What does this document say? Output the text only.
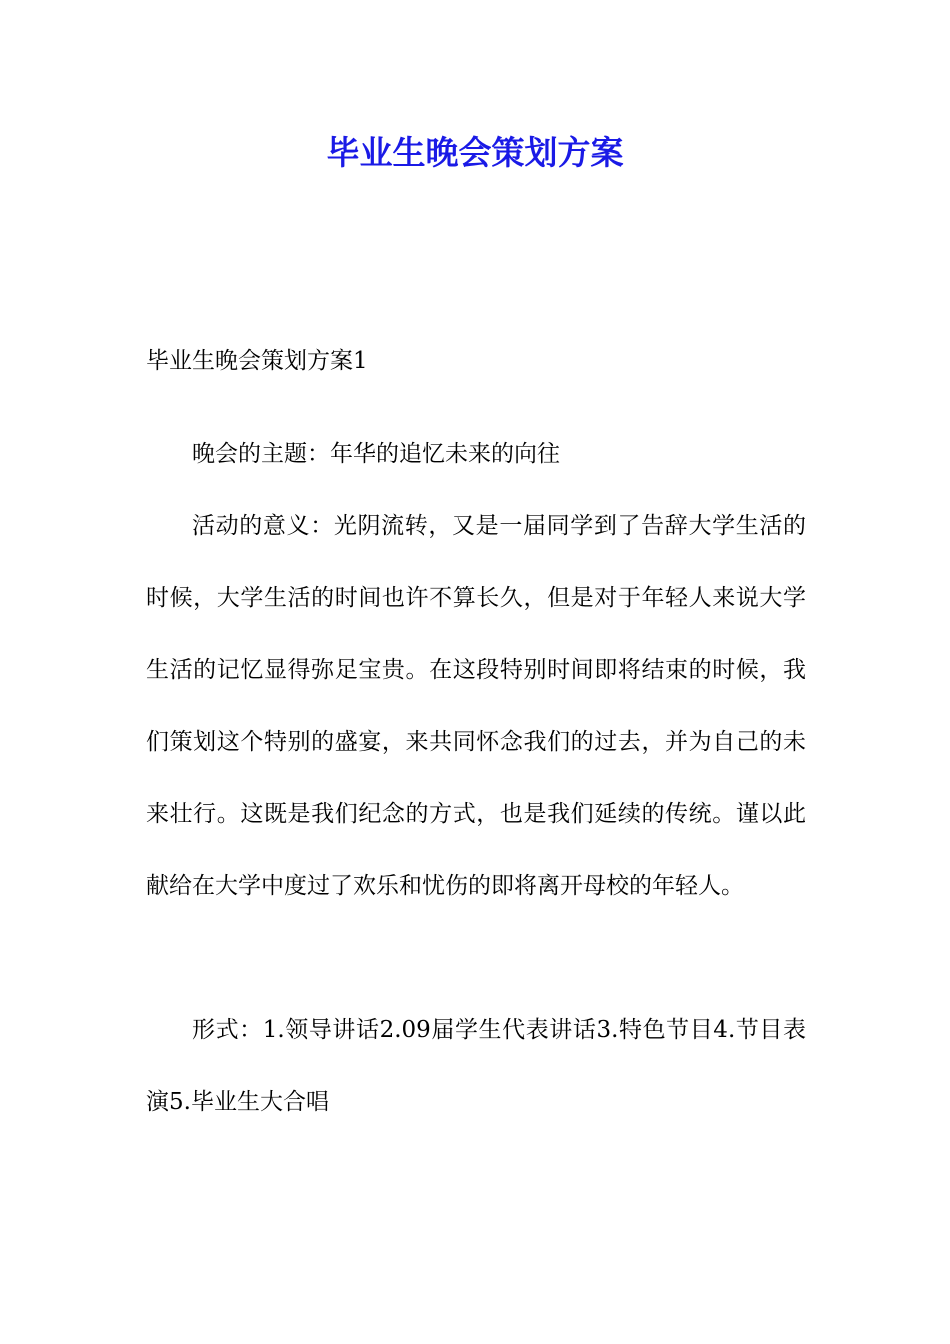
毕业生晚会策划方案

毕业生晚会策划方案1

晚会的主题：年华的追忆未来的向往

活动的意义：光阴流转，又是一届同学到了告辞大学生活的时候，大学生活的时间也许不算长久，但是对于年轻人来说大学生活的记忆显得弥足宝贵。在这段特别时间即将结束的时候，我们策划这个特别的盛宴，来共同怀念我们的过去，并为自己的未来壮行。这既是我们纪念的方式，也是我们延续的传统。谨以此献给在大学中度过了欢乐和忧伤的即将离开母校的年轻人。

形式：1.领导讲话2.09届学生代表讲话3.特色节目4.节目表演5.毕业生大合唱
